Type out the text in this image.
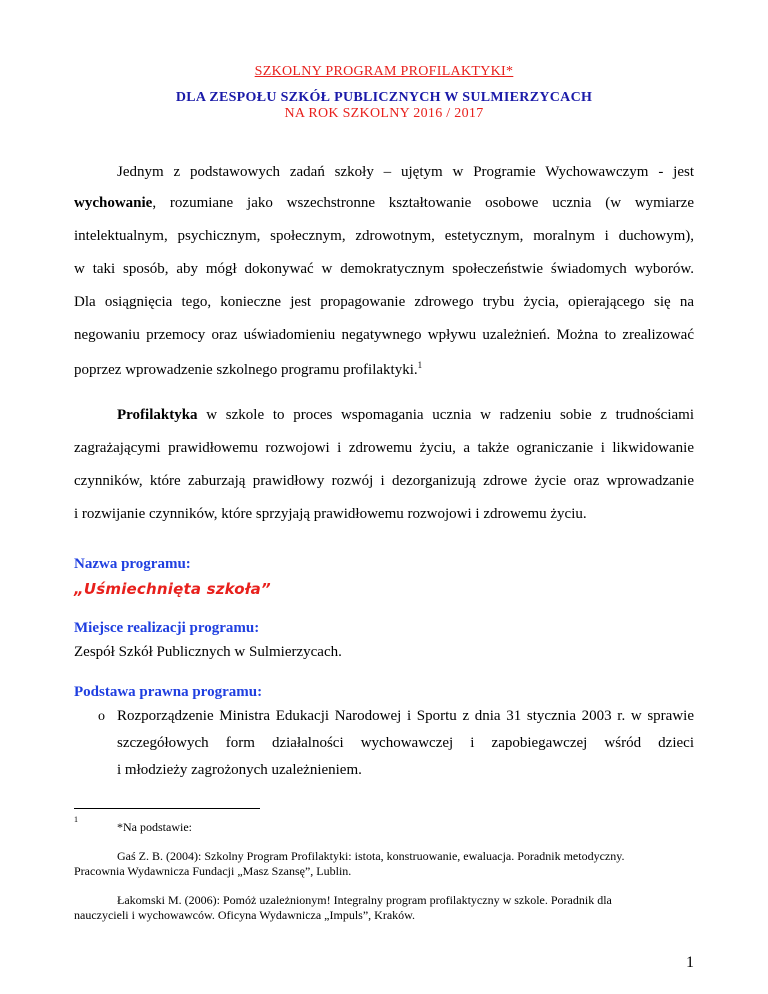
SZKOLNY PROGRAM PROFILAKTYKI*
DLA ZESPOŁU SZKÓŁ PUBLICZNYCH W SULMIERZYCACH
NA ROK SZKOLNY 2016 / 2017
Jednym z podstawowych zadań szkoły – ujętym w Programie Wychowawczym - jest
wychowanie, rozumiane jako wszechstronne kształtowanie osobowe ucznia (w wymiarze
intelektualnym, psychicznym, społecznym, zdrowotnym, estetycznym, moralnym i duchowym),
w taki sposób, aby mógł dokonywać w demokratycznym społeczeństwie świadomych wyborów.
Dla osiągnięcia tego, konieczne jest propagowanie zdrowego trybu życia, opierającego się na
negowaniu przemocy oraz uświadomieniu negatywnego wpływu uzależnień. Można to zrealizować
poprzez wprowadzenie szkolnego programu profilaktyki.$^1$
Profilaktyka w szkole to proces wspomagania ucznia w radzeniu sobie z trudnościami
zagrażającymi prawidłowemu rozwojowi i zdrowemu życiu, a także ograniczanie i likwidowanie
czynników, które zaburzają prawidłowy rozwój i dezorganizują zdrowe życie oraz wprowadzanie
i rozwijanie czynników, które sprzyjają prawidłowemu rozwojowi i zdrowemu życiu.
Nazwa programu:
„Uśmiechnięta szkoła”
Miejsce realizacji programu:
Zespół Szkół Publicznych w Sulmierzycach.
Podstawa prawna programu:
o Rozporządzenie Ministra Edukacji Narodowej i Sportu z dnia 31 stycznia 2003 r. w sprawie
szczegółowych form działalności wychowawczej i zapobiegawczej wśród dzieci
i młodzieży zagrożonych uzależnieniem.
1
*Na podstawie:
Gaś Z. B. (2004): Szkolny Program Profilaktyki: istota, konstruowanie, ewaluacja. Poradnik metodyczny.
Pracownia Wydawnicza Fundacji „Masz Szansę”, Lublin.
Łakomski M. (2006): Pomóż uzależnionym! Integralny program profilaktyczny w szkole. Poradnik dla
nauczycieli i wychowawców. Oficyna Wydawnicza „Impuls”, Kraków.
1
